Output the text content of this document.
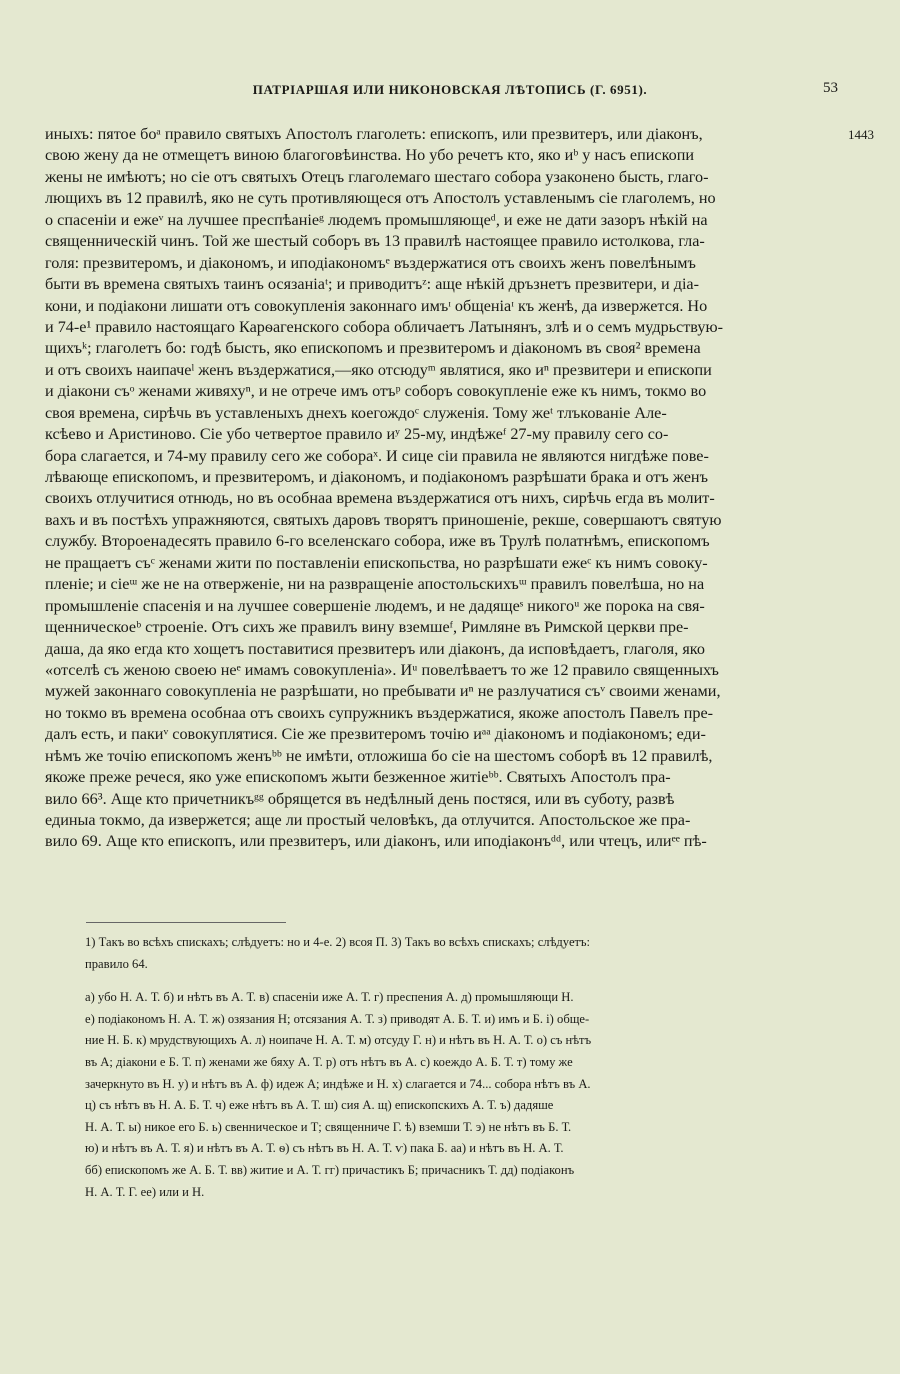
ПАТРІАРШАЯ ИЛИ НИКОНОВСКАЯ ЛѢТОПИСЬ (Г. 6951).	53
1443
иныхъ: пятое боᵃ правило святыхъ Апостолъ глаголеть: епископъ, или презвитеръ, или діаконъ,
свою жену да не отмещетъ виною благоговѣинства. Но убо речетъ кто, яко иᵇ у насъ епископи
жены не имѣютъ; но сіе отъ святыхъ Отецъ глаголемаго шестаго собора узаконено бысть, глаго-
лющихъ въ 12 правилѣ, яко не суть противляющеся отъ Апостолъ уставленымъ сіе глаголемъ, но
о спасеніи и ежеᵛ на лучшее преспѣаніеᵍ людемъ промышляющеᵈ, и еже не дати зазоръ нѣкій на
священническій чинъ. Той же шестый соборъ въ 13 правилѣ настоящее правило истолкова, гла-
голя: презвитеромъ, и діакономъ, и иподіакономъᵉ въздержатися отъ своихъ женъ повелѣнымъ
быти въ времена святыхъ таинъ осязаніаᵗ; и приводитъᶻ: аще нѣкій дръзнетъ презвитери, и діа-
кони, и подіакони лишати отъ совокупленія законнаго имъᶦ общеніаᶦ къ женѣ, да извержется. Но
и 74-е¹ правило настоящаго Карѳагенского собора обличаетъ Латынянъ, злѣ и о семъ мудрьствую-
щихъᵏ; глаголетъ бо: годѣ бысть, яко епископомъ и презвитеромъ и діакономъ въ своя² времена
и отъ своихъ наипачеˡ женъ въздержатися,—яко отсюдуᵐ являтися, яко иⁿ презвитери и епископи
и діакони съᵒ женами живяхуⁿ, и не отрече имъ отъᵖ соборъ совокупленіе еже къ нимъ, токмо во
своя времена, сирѣчь въ уставленыхъ днехъ коегождоᶜ служенія. Тому жеᵗ тлъкованіе Але-
ксѣево и Аристиново. Сіе убо четвертое правило иʸ 25-му, индѣжеᶠ 27-му правилу сего со-
бора слагается, и 74-му правилу сего же собораˣ. И сице сіи правила не являются нигдѣже пове-
лѣвающе епископомъ, и презвитеромъ, и діакономъ, и подіакономъ разрѣшати брака и отъ женъ
своихъ отлучитися отнюдь, но въ особнаа времена въздержатися отъ нихъ, сирѣчь егда въ молит-
вахъ и въ постѣхъ упражняются, святыхъ даровъ творятъ приношеніе, рекше, совершаютъ святую
службу. Второенадесять правило 6-го вселенскаго собора, иже въ Трулѣ полатнѣмъ, епископомъ
не пращаетъ съᶜ женами жити по поставленіи епископьства, но разрѣшати ежеᶜ къ нимъ совоку-
пленіе; и сіеᵚ же не на отверженіе, ни на развращеніе апостольскихъᵚ правилъ повелѣша, но на
промышленіе спасенія и на лучшее совершеніе людемъ, и не дадящеˢ никогоᵘ же порока на свя-
щенническоеᵇ строеніе. Отъ сихъ же правилъ вину вземшеᶠ, Римляне въ Римской церкви пре-
даша, да яко егда кто хощетъ поставитися презвитеръ или діаконъ, да исповѣдаетъ, глаголя, яко
«отселѣ съ женою своею неᵉ имамъ совокупленіа». Иᵘ повелѣваетъ то же 12 правило священныхъ
мужей законнаго совокупленіа не разрѣшати, но пребывати иⁿ не разлучатися съᵛ своими женами,
но токмо въ времена особнаа отъ своихъ супружникъ въздержатися, якоже апостолъ Павелъ пре-
далъ есть, и пакиᵛ совокуплятися. Сіе же презвитеромъ точію иᵃᵃ діакономъ и подіакономъ; еди-
нѣмъ же точію епископомъ женъᵇᵇ не имѣти, отложиша бо сіе на шестомъ соборѣ въ 12 правилѣ,
якоже преже речеся, яко уже епископомъ жыти безженное житіеᵇᵇ. Святыхъ Апостолъ пра-
вило 66³. Аще кто причетникъᵍᵍ обрящется въ недѣлный день постяся, или въ суботу, развѣ
единыа токмо, да извержется; аще ли простый человѣкъ, да отлучится. Апостольское же пра-
вило 69. Аще кто епископъ, или презвитеръ, или діаконъ, или иподіаконъᵈᵈ, или чтецъ, илиᵉᵉ пѣ-
1) Такъ во всѣхъ спискахъ; слѣдуетъ: но и 4-е. 2) всоя П. 3) Такъ во всѣхъ спискахъ; слѣдуетъ:
правило 64.
а) убо Н. А. Т. б) и нѣтъ въ А. Т. в) спасеніи иже А. Т. г) преспения А. д) промышляющи Н.
е) подіакономъ Н. А. Т. ж) озязания Н; отсязания А. Т. з) приводят А. Б. Т. и) имъ и Б. і) обще-
ние Н. Б. к) мрудствующихъ А. л) ноипаче Н. А. Т. м) отсуду Г. н) и нѣтъ въ Н. А. Т. о) съ нѣтъ
въ А; діакони е Б. Т. п) женами же бяху А. Т. р) отъ нѣтъ въ А. с) коеждо А. Б. Т. т) тому же
зачеркнуто въ Н. у) и нѣтъ въ А. ф) идеж А; индѣже и Н. х) слагается и 74... собора нѣтъ въ А.
ц) съ нѣтъ въ Н. А. Б. Т. ч) еже нѣтъ въ А. Т. ш) сия А. щ) епископскихъ А. Т. ъ) дадяше
Н. А. Т. ы) никое его Б. ь) свенническое и Т; священниче Г. ѣ) вземши Т. э) не нѣтъ въ Б. Т.
ю) и нѣтъ въ А. Т. я) и нѣтъ въ А. Т. ѳ) съ нѣтъ въ Н. А. Т. ѵ) пака Б. аа) и нѣтъ въ Н. А. Т.
бб) епископомъ же А. Б. Т. вв) житие и А. Т. гг) причастикъ Б; причасникъ Т. дд) подіаконъ
Н. А. Т. Г. ее) или и Н.
